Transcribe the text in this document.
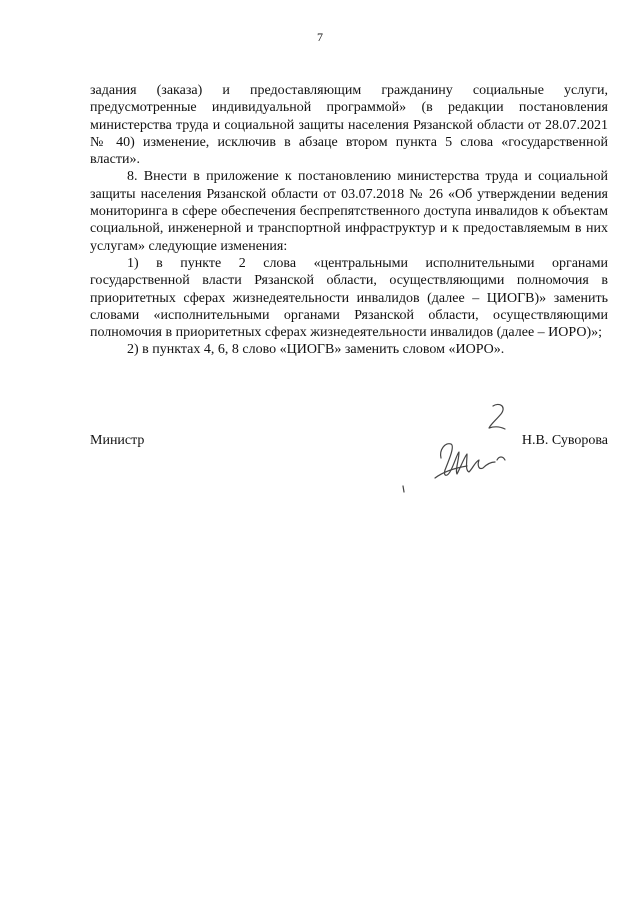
7

задания (заказа) и предоставляющим гражданину социальные услуги, предусмотренные индивидуальной программой» (в редакции постановления министерства труда и социальной защиты населения Рязанской области от 28.07.2021 № 40) изменение, исключив в абзаце втором пункта 5 слова «государственной власти».

8. Внести в приложение к постановлению министерства труда и социальной защиты населения Рязанской области от 03.07.2018 № 26 «Об утверждении ведения мониторинга в сфере обеспечения беспрепятственного доступа инвалидов к объектам социальной, инженерной и транспортной инфраструктур и к предоставляемым в них услугам» следующие изменения:

1) в пункте 2 слова «центральными исполнительными органами государственной власти Рязанской области, осуществляющими полномочия в приоритетных сферах жизнедеятельности инвалидов (далее – ЦИОГВ)» заменить словами «исполнительными органами Рязанской области, осуществляющими полномочия в приоритетных сферах жизнедеятельности инвалидов (далее – ИОРО)»;

2) в пунктах 4, 6, 8 слово «ЦИОГВ» заменить словом «ИОРО».

Министр	Н.В. Суворова
